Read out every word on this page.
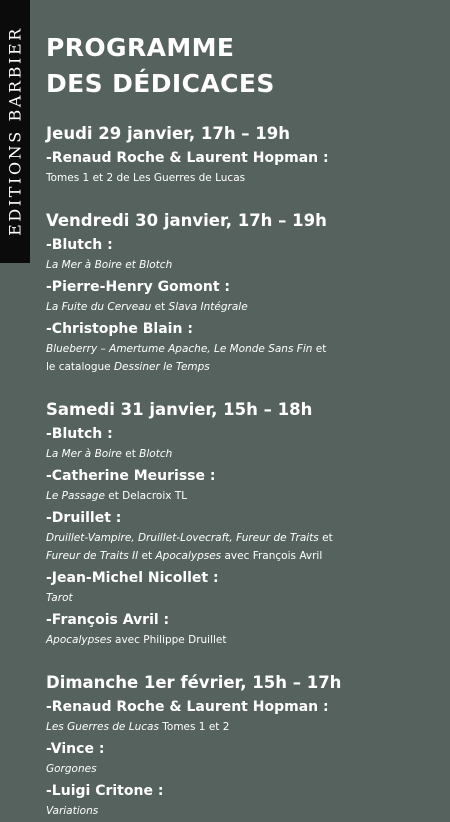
EDITIONS BARBIER PROGRAMME
DES DÉDICACES
Jeudi 29 janvier, 17h – 19h
-Renaud Roche & Laurent Hopman :
Tomes 1 et 2 de Les Guerres de Lucas
Vendredi 30 janvier, 17h – 19h
-Blutch :
La Mer à Boire et Blotch
-Pierre-Henry Gomont :
La Fuite du Cerveau et Slava Intégrale
-Christophe Blain :
Blueberry – Amertume Apache, Le Monde Sans Fin et
le catalogue Dessiner le Temps
Samedi 31 janvier, 15h – 18h
-Blutch :
La Mer à Boire et Blotch
-Catherine Meurisse :
Le Passage et Delacroix TL
-Druillet :
Druillet-Vampire, Druillet-Lovecraft, Fureur de Traits et
Fureur de Traits II et Apocalypses avec François Avril
-Jean-Michel Nicollet :
Tarot
-François Avril :
Apocalypses avec Philippe Druillet
Dimanche 1er février, 15h – 17h
-Renaud Roche & Laurent Hopman :
Les Guerres de Lucas Tomes 1 et 2
-Vince :
Gorgones
-Luigi Critone :
Variations
